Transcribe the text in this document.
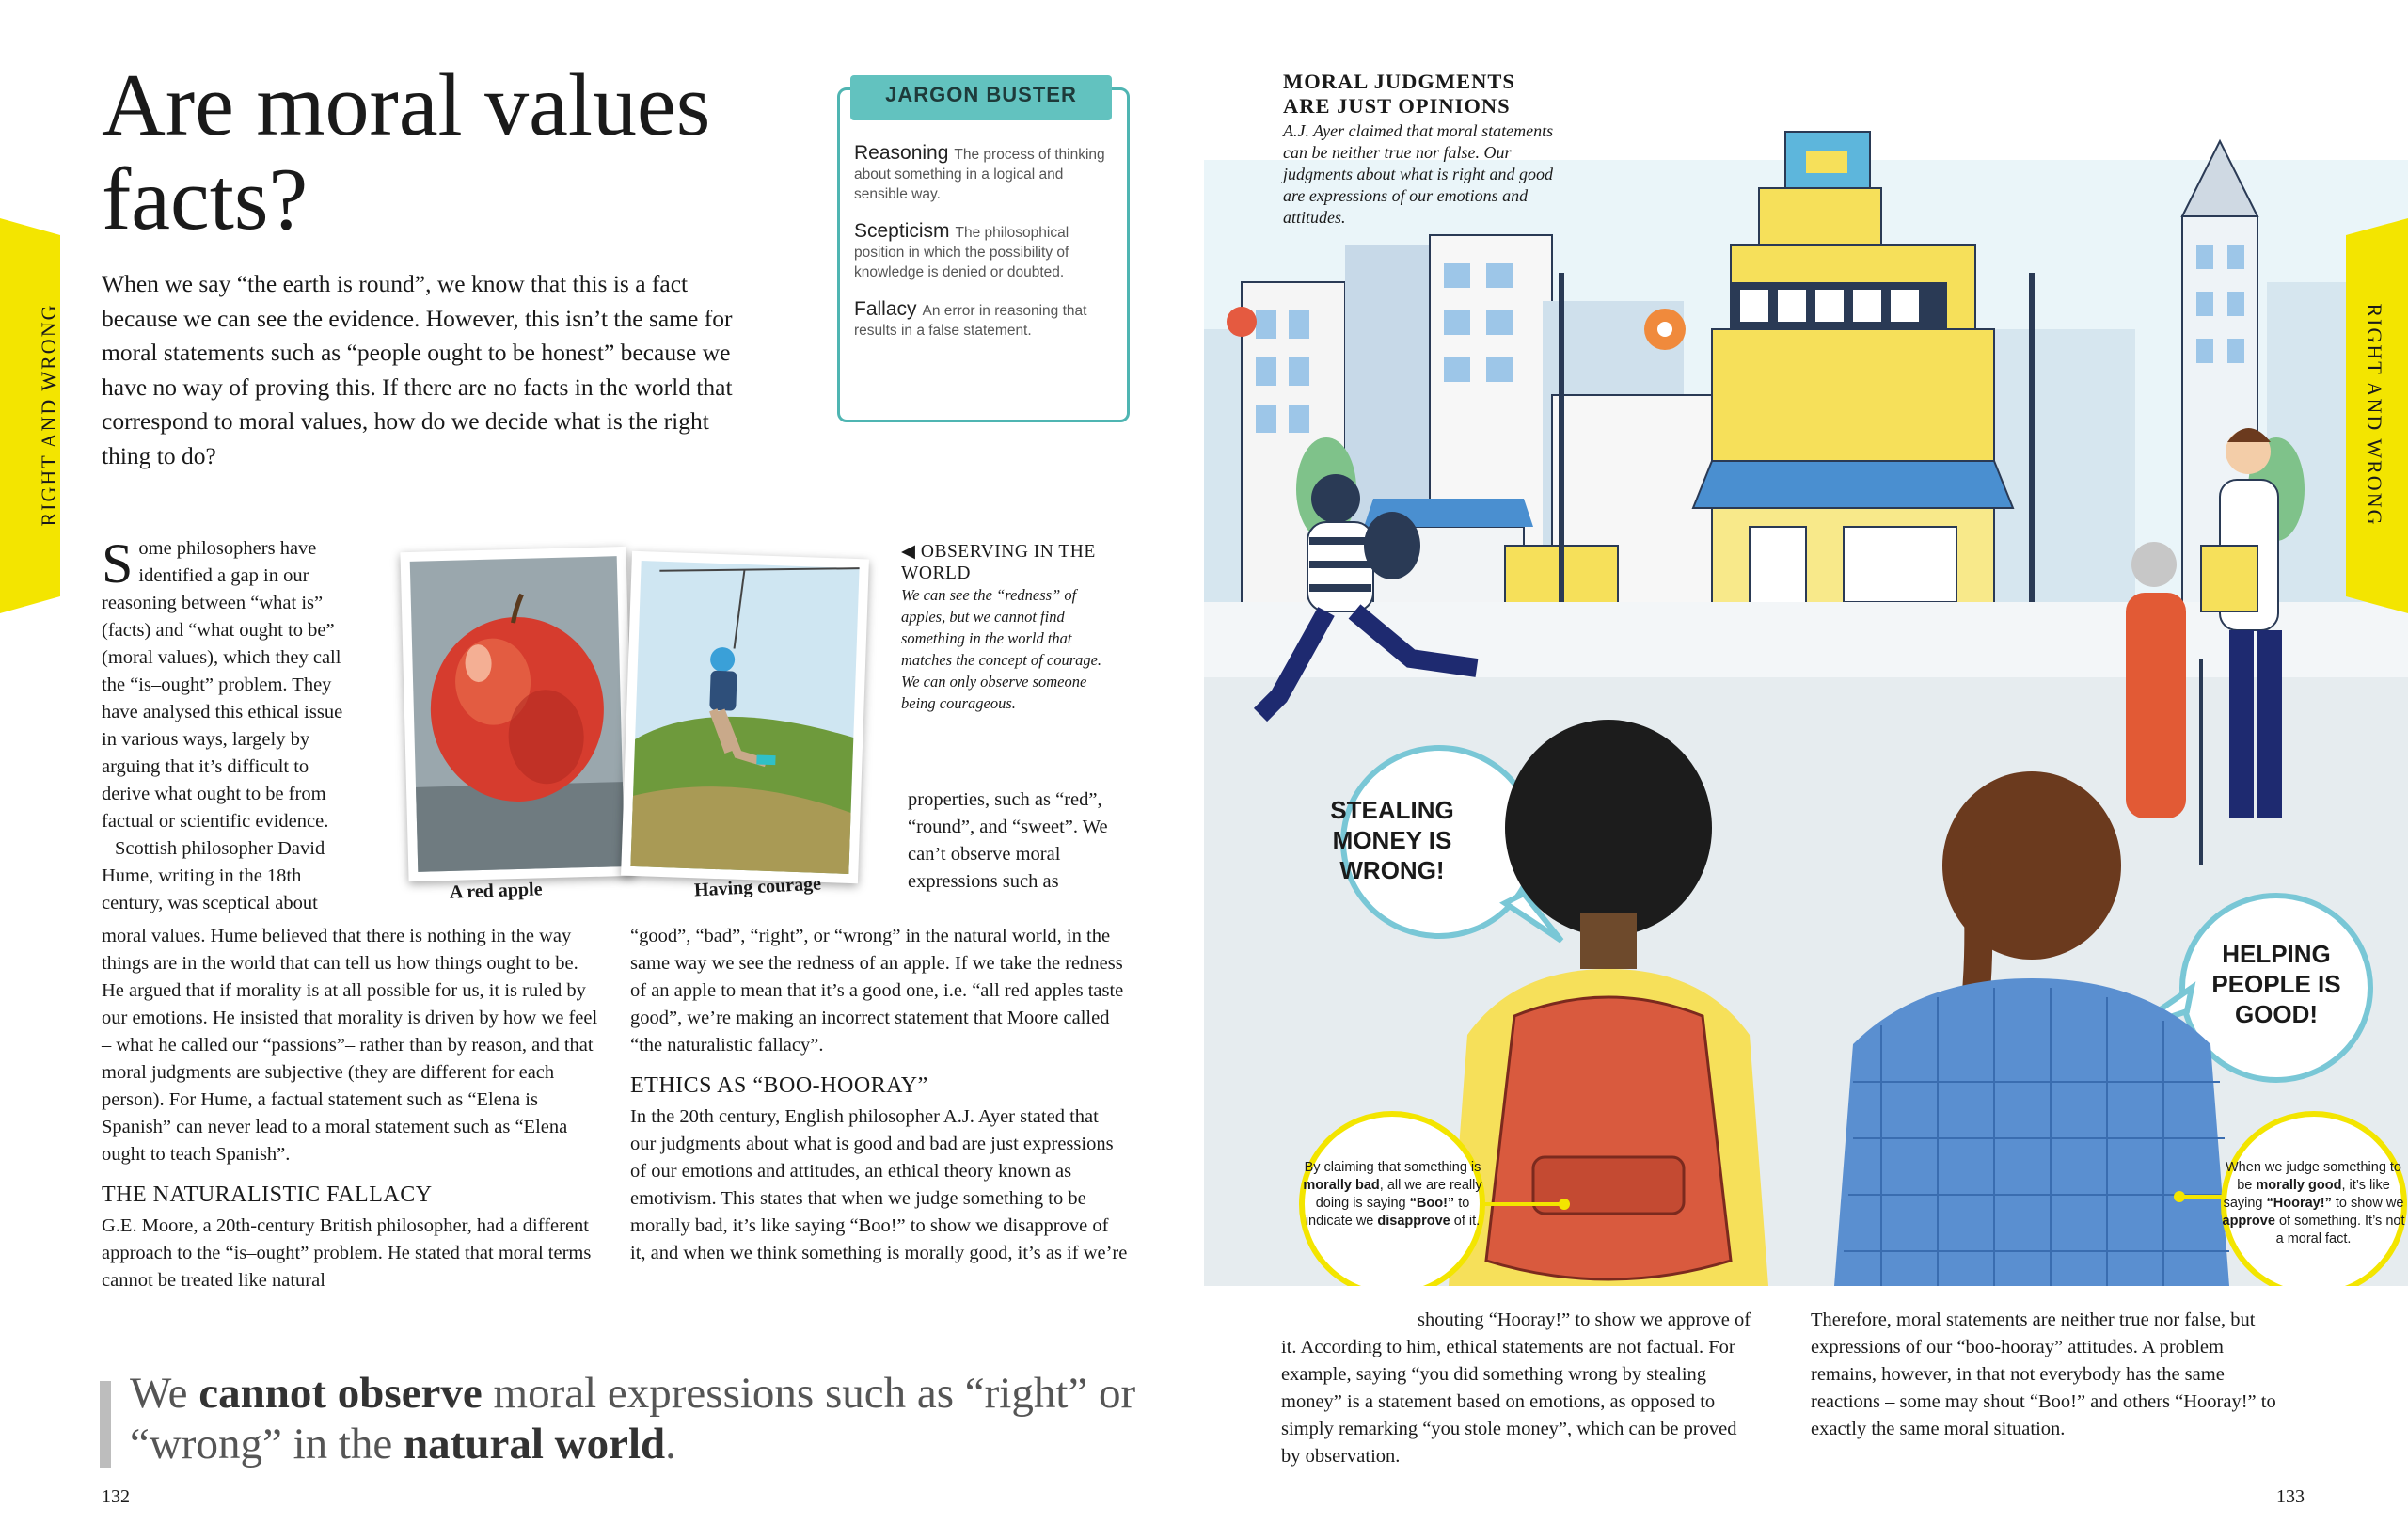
RIGHT AND WRONG
Are moral values facts?
When we say “the earth is round”, we know that this is a fact because we can see the evidence. However, this isn’t the same for moral statements such as “people ought to be honest” because we have no way of proving this. If there are no facts in the world that correspond to moral values, how do we decide what is the right thing to do?
JARGON BUSTER
Reasoning The process of thinking about something in a logical and sensible way.
Scepticism The philosophical position in which the possibility of knowledge is denied or doubted.
Fallacy An error in reasoning that results in a false statement.
Some philosophers have identified a gap in our reasoning between “what is” (facts) and “what ought to be” (moral values), which they call the “is–ought” problem. They have analysed this ethical issue in various ways, largely by arguing that it’s difficult to derive what ought to be from factual or scientific evidence.
Scottish philosopher David Hume, writing in the 18th century, was sceptical about
moral values. Hume believed that there is nothing in the way things are in the world that can tell us how things ought to be. He argued that if morality is at all possible for us, it is ruled by our emotions. He insisted that morality is driven by how we feel – what he called our “passions”– rather than by reason, and that moral judgments are subjective (they are different for each person). For Hume, a factual statement such as “Elena is Spanish” can never lead to a moral statement such as “Elena ought to teach Spanish”.
THE NATURALISTIC FALLACY
G.E. Moore, a 20th-century British philosopher, had a different approach to the “is–ought” problem. He stated that moral terms cannot be treated like natural
A red apple	Having courage
◀ OBSERVING IN THE WORLD
We can see the “redness” of apples, but we cannot find something in the world that matches the concept of courage. We can only observe someone being courageous.
properties, such as “red”, “round”, and “sweet”. We can’t observe moral expressions such as
“good”, “bad”, “right”, or “wrong” in the natural world, in the same way we see the redness of an apple. If we take the redness of an apple to mean that it’s a good one, i.e. “all red apples taste good”, we’re making an incorrect statement that Moore called “the naturalistic fallacy”.
ETHICS AS “BOO-HOORAY”
In the 20th century, English philosopher A.J. Ayer stated that our judgments about what is good and bad are just expressions of our emotions and attitudes, an ethical theory known as emotivism. This states that when we judge something to be morally bad, it’s like saying “Boo!” to show we disapprove of it, and when we think something is morally good, it’s as if we’re
We cannot observe moral expressions such as “right” or “wrong” in the natural world.
132
RIGHT AND WRONG
MORAL JUDGMENTS ARE JUST OPINIONS
A.J. Ayer claimed that moral statements can be neither true nor false. Our judgments about what is right and good are expressions of our emotions and attitudes.
STEALING MONEY IS WRONG!
HELPING PEOPLE IS GOOD!
By claiming that something is morally bad, all we are really doing is saying “Boo!” to indicate we disapprove of it.
When we judge something to be morally good, it’s like saying “Hooray!” to show we approve of something. It’s not a moral fact.
shouting “Hooray!” to show we approve of it. According to him, ethical statements are not factual. For example, saying “you did something wrong by stealing money” is a statement based on emotions, as opposed to simply remarking “you stole money”, which can be proved by observation.
Therefore, moral statements are neither true nor false, but expressions of our “boo-hooray” attitudes. A problem remains, however, in that not everybody has the same reactions – some may shout “Boo!” and others “Hooray!” to exactly the same moral situation.
133
